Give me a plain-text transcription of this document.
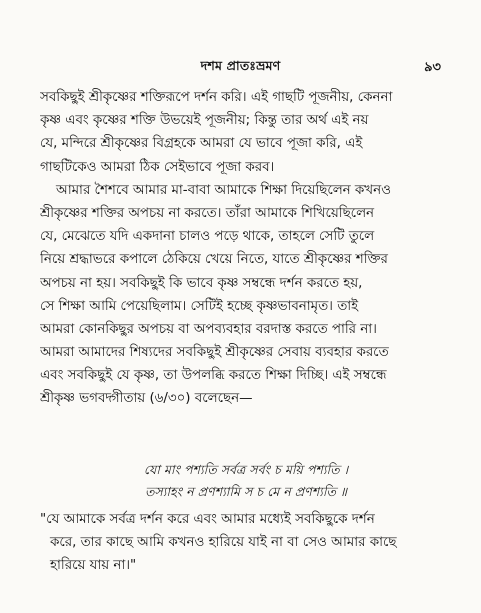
দশম প্রাতঃভ্রমণ	৯৩
সবকিছুই শ্রীকৃষ্ণের শক্তিরূপে দর্শন করি। এই গাছটি পূজনীয়, কেননা
কৃষ্ণ এবং কৃষ্ণের শক্তি উভয়েই পূজনীয়; কিন্তু তার অর্থ এই নয়
যে, মন্দিরে শ্রীকৃষ্ণের বিগ্রহকে আমরা যে ভাবে পূজা করি, এই
গাছটিকেও আমরা ঠিক সেইভাবে পূজা করব।
আমার শৈশবে আমার মা-বাবা আমাকে শিক্ষা দিয়েছিলেন কখনও
শ্রীকৃষ্ণের শক্তির অপচয় না করতে। তাঁরা আমাকে শিখিয়েছিলেন
যে, মেঝেতে যদি একদানা চালও পড়ে থাকে, তাহলে সেটি তুলে
নিয়ে শ্রদ্ধাভরে কপালে ঠেকিয়ে খেয়ে নিতে, যাতে শ্রীকৃষ্ণের শক্তির
অপচয় না হয়। সবকিছুই কি ভাবে কৃষ্ণ সম্বন্ধে দর্শন করতে হয়,
সে শিক্ষা আমি পেয়েছিলাম। সেটিই হচ্ছে কৃষ্ণভাবনামৃত। তাই
আমরা কোনকিছুর অপচয় বা অপব্যবহার বরদাস্ত করতে পারি না।
আমরা আমাদের শিষ্যদের সবকিছুই শ্রীকৃষ্ণের সেবায় ব্যবহার করতে
এবং সবকিছুই যে কৃষ্ণ, তা উপলব্ধি করতে শিক্ষা দিচ্ছি। এই সম্বন্ধে
শ্রীকৃষ্ণ ভগবদ্গীতায় (৬/৩০) বলেছেন—
যো মাং পশ্যতি সর্বত্র সর্বং চ ময়ি পশ্যতি ।
তস্যাহং ন প্রণশ্যামি স চ মে ন প্রণশ্যতি ॥
"যে আমাকে সর্বত্র দর্শন করে এবং আমার মধ্যেই সবকিছুকে দর্শন
করে, তার কাছে আমি কখনও হারিয়ে যাই না বা সেও আমার কাছে
হারিয়ে যায় না।"
